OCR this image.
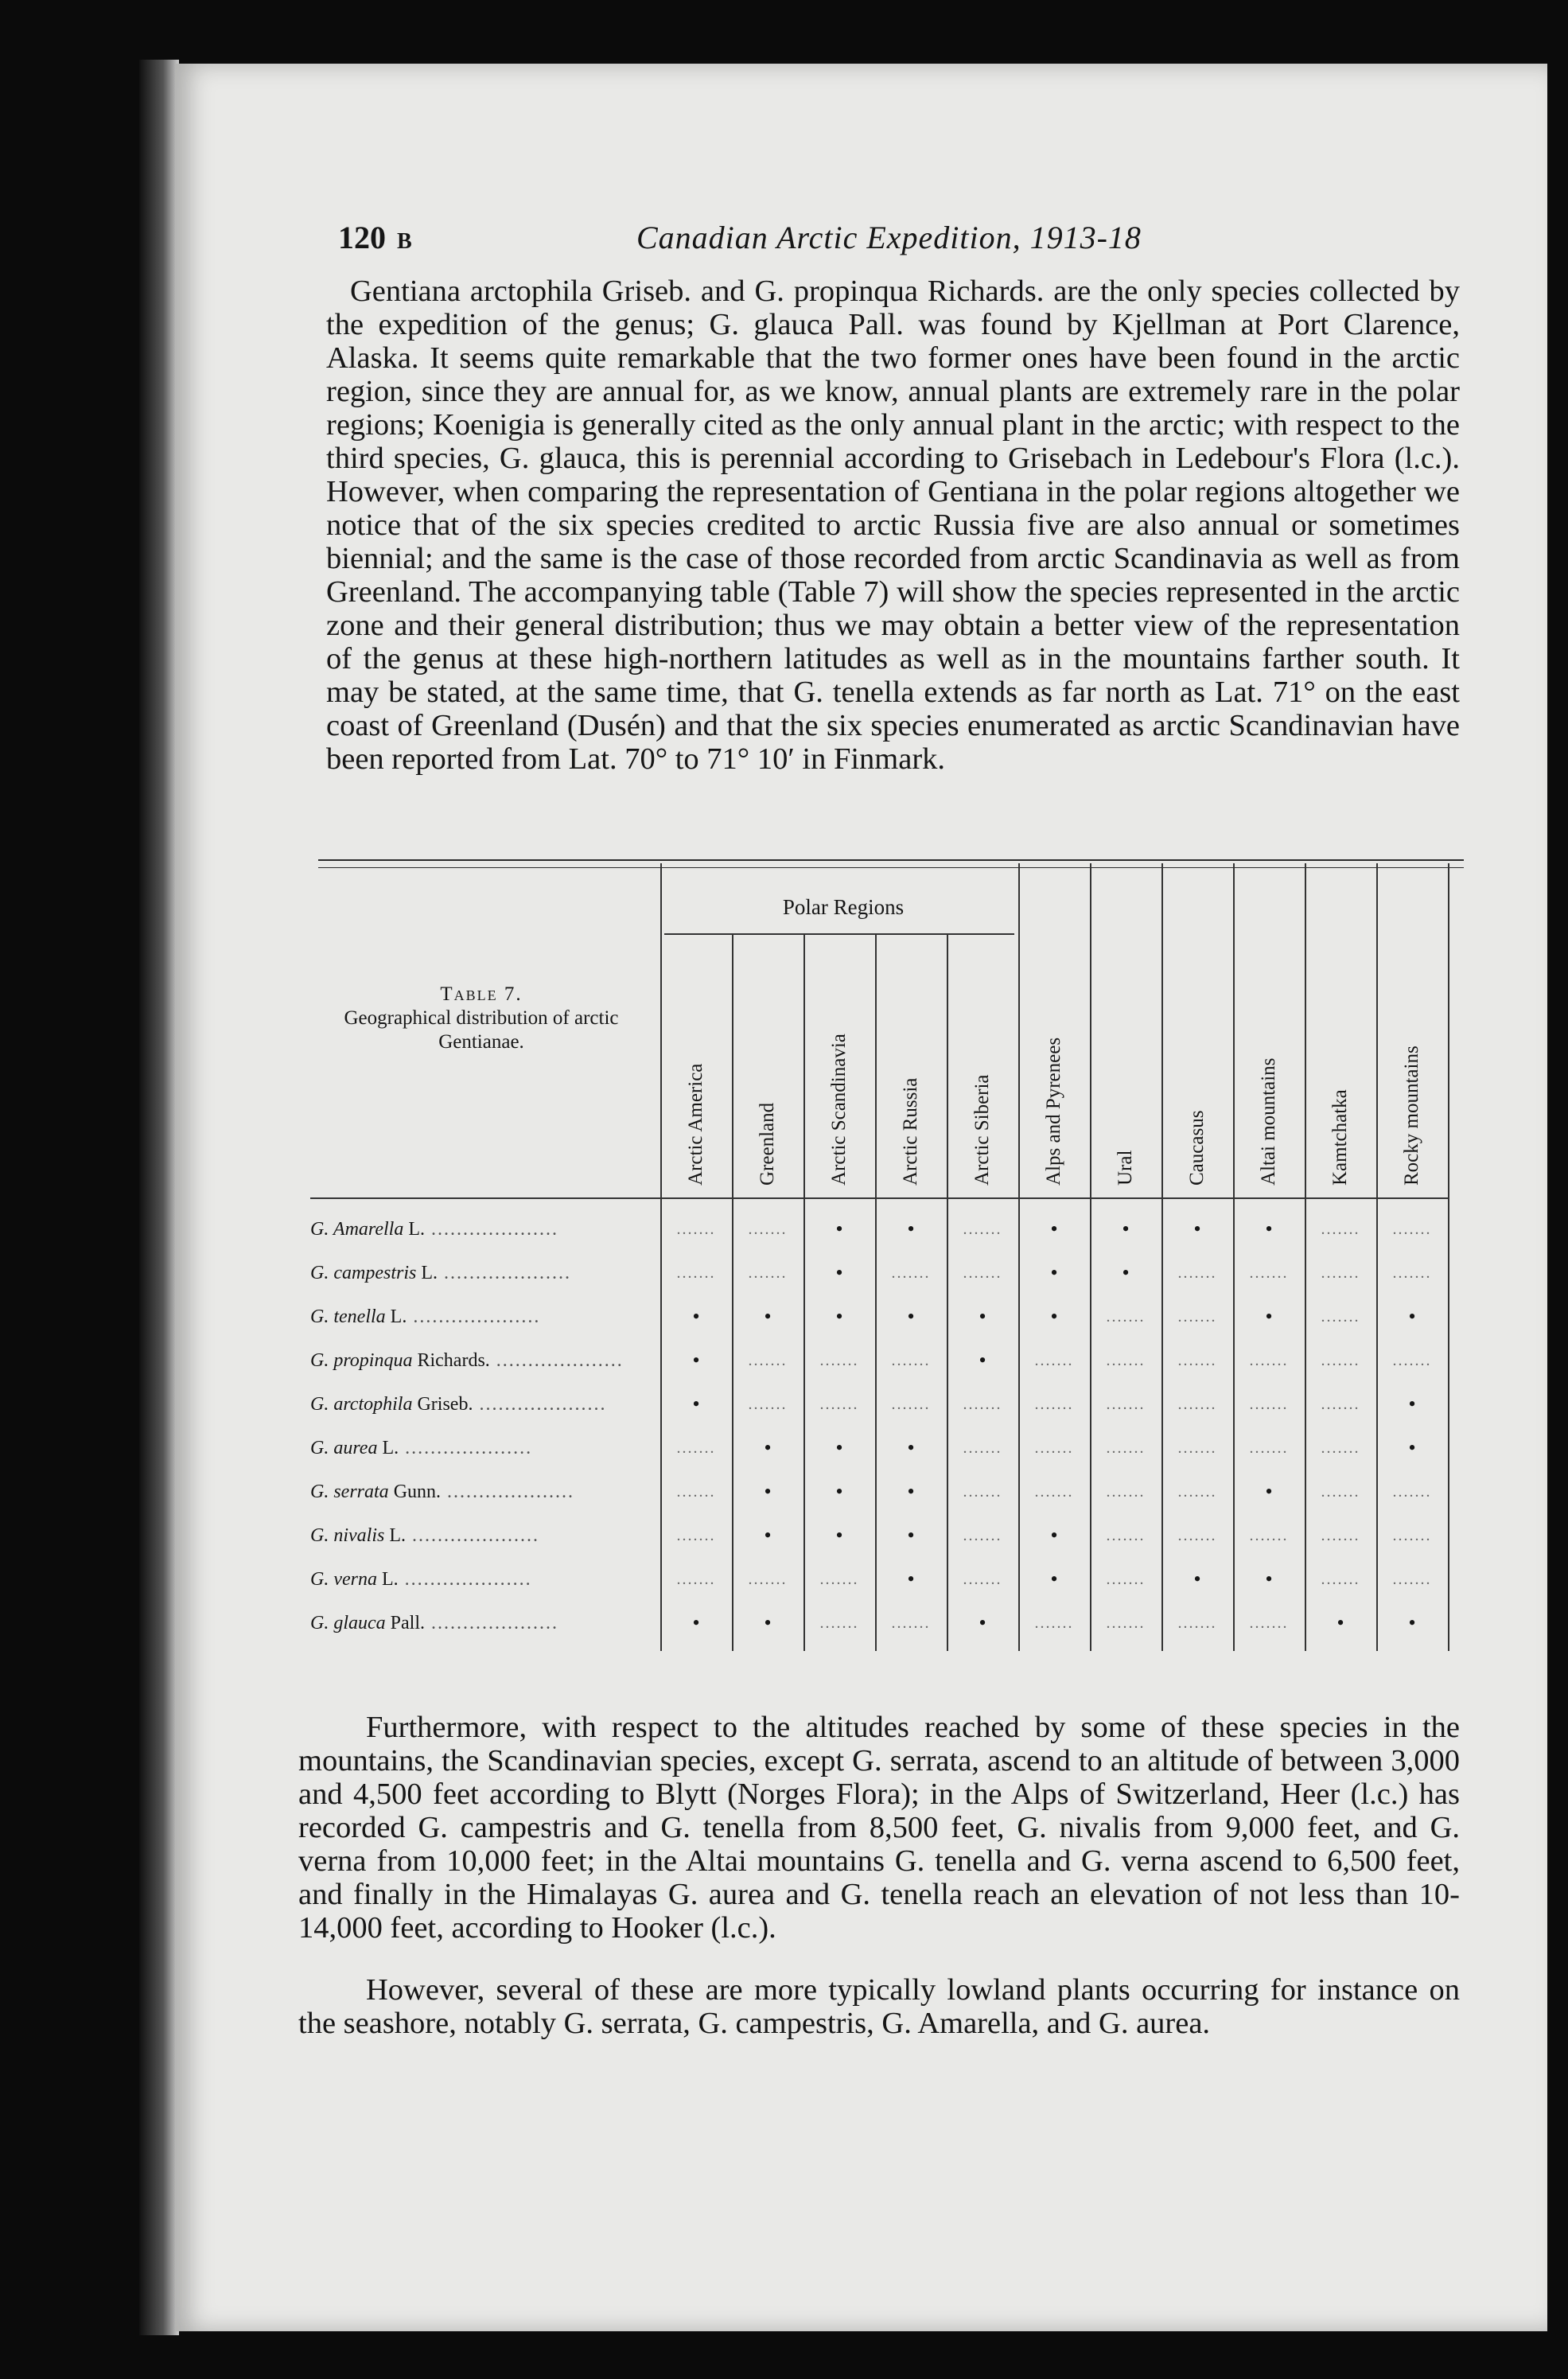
120 B	Canadian Arctic Expedition, 1913-18

Gentiana arctophila Griseb. and G. propinqua Richards. are the only species collected by the expedition of the genus; G. glauca Pall. was found by Kjellman at Port Clarence, Alaska. It seems quite remarkable that the two former ones have been found in the arctic region, since they are annual for, as we know, annual plants are extremely rare in the polar regions; Koenigia is generally cited as the only annual plant in the arctic; with respect to the third species, G. glauca, this is perennial according to Grisebach in Ledebour's Flora (l.c.). However, when comparing the representation of Gentiana in the polar regions altogether we notice that of the six species credited to arctic Russia five are also annual or sometimes biennial; and the same is the case of those recorded from arctic Scandinavia as well as from Greenland. The accompanying table (Table 7) will show the species represented in the arctic zone and their general distribution; thus we may obtain a better view of the representation of the genus at these high-northern latitudes as well as in the mountains farther south. It may be stated, at the same time, that G. tenella extends as far north as Lat. 71° on the east coast of Greenland (Dusén) and that the six species enumerated as arctic Scandinavian have been reported from Lat. 70° to 71° 10′ in Finmark.

Table 7.
Geographical distribution of arctic Gentianae.
Polar Regions
Arctic America	Greenland	Arctic Scandinavia	Arctic Russia	Arctic Siberia	Alps and Pyrenees	Ural	Caucasus	Altai mountains	Kamtchatka	Rocky mountains
G. Amarella L. ....................	.......	.......	•	•	.......	•	•	•	•	.......	.......
G. campestris L. ....................	.......	.......	•	.......	.......	•	•	.......	.......	.......	.......
G. tenella L. ....................	•	•	•	•	•	•	.......	.......	•	.......	•
G. propinqua Richards. ....................	•	.......	.......	.......	•	.......	.......	.......	.......	.......	.......
G. arctophila Griseb. ....................	•	.......	.......	.......	.......	.......	.......	.......	.......	.......	•
G. aurea L. ....................	.......	•	•	•	.......	.......	.......	.......	.......	.......	•
G. serrata Gunn. ....................	.......	•	•	•	.......	.......	.......	.......	•	.......	.......
G. nivalis L. ....................	.......	•	•	•	.......	•	.......	.......	.......	.......	.......
G. verna L. ....................	.......	.......	.......	•	.......	•	.......	•	•	.......	.......
G. glauca Pall. ....................	•	•	.......	.......	•	.......	.......	.......	.......	•	•

Furthermore, with respect to the altitudes reached by some of these species in the mountains, the Scandinavian species, except G. serrata, ascend to an altitude of between 3,000 and 4,500 feet according to Blytt (Norges Flora); in the Alps of Switzerland, Heer (l.c.) has recorded G. campestris and G. tenella from 8,500 feet, G. nivalis from 9,000 feet, and G. verna from 10,000 feet; in the Altai mountains G. tenella and G. verna ascend to 6,500 feet, and finally in the Himalayas G. aurea and G. tenella reach an elevation of not less than 10-14,000 feet, according to Hooker (l.c.).

However, several of these are more typically lowland plants occurring for instance on the seashore, notably G. serrata, G. campestris, G. Amarella, and G. aurea.
